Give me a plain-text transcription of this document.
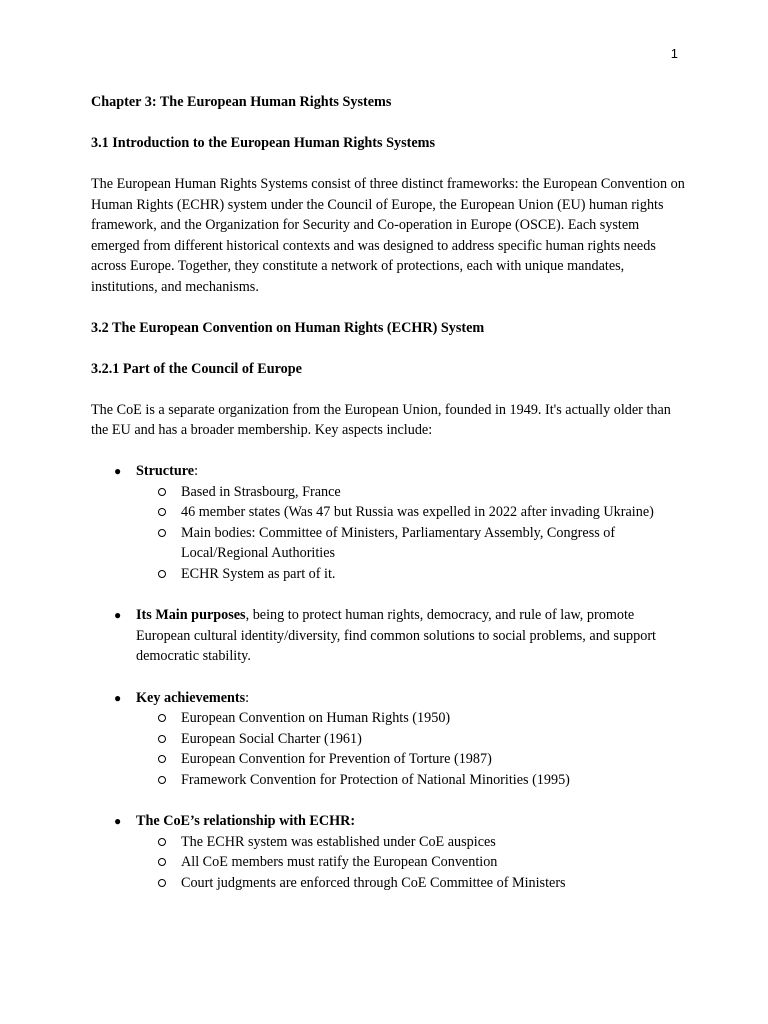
1

Chapter 3: The European Human Rights Systems

3.1 Introduction to the European Human Rights Systems

The European Human Rights Systems consist of three distinct frameworks: the European Convention on Human Rights (ECHR) system under the Council of Europe, the European Union (EU) human rights framework, and the Organization for Security and Co-operation in Europe (OSCE). Each system emerged from different historical contexts and was designed to address specific human rights needs across Europe. Together, they constitute a network of protections, each with unique mandates, institutions, and mechanisms.

3.2 The European Convention on Human Rights (ECHR) System

3.2.1 Part of the Council of Europe

The CoE is a separate organization from the European Union, founded in 1949. It's actually older than the EU and has a broader membership. Key aspects include:

● Structure:
Based in Strasbourg, France
46 member states (Was 47 but Russia was expelled in 2022 after invading Ukraine)
Main bodies: Committee of Ministers, Parliamentary Assembly, Congress of Local/Regional Authorities
ECHR System as part of it.
● Its Main purposes, being to protect human rights, democracy, and rule of law, promote European cultural identity/diversity, find common solutions to social problems, and support democratic stability.
● Key achievements:
European Convention on Human Rights (1950)
European Social Charter (1961)
European Convention for Prevention of Torture (1987)
Framework Convention for Protection of National Minorities (1995)
● The CoE’s relationship with ECHR:
The ECHR system was established under CoE auspices
All CoE members must ratify the European Convention
Court judgments are enforced through CoE Committee of Ministers
